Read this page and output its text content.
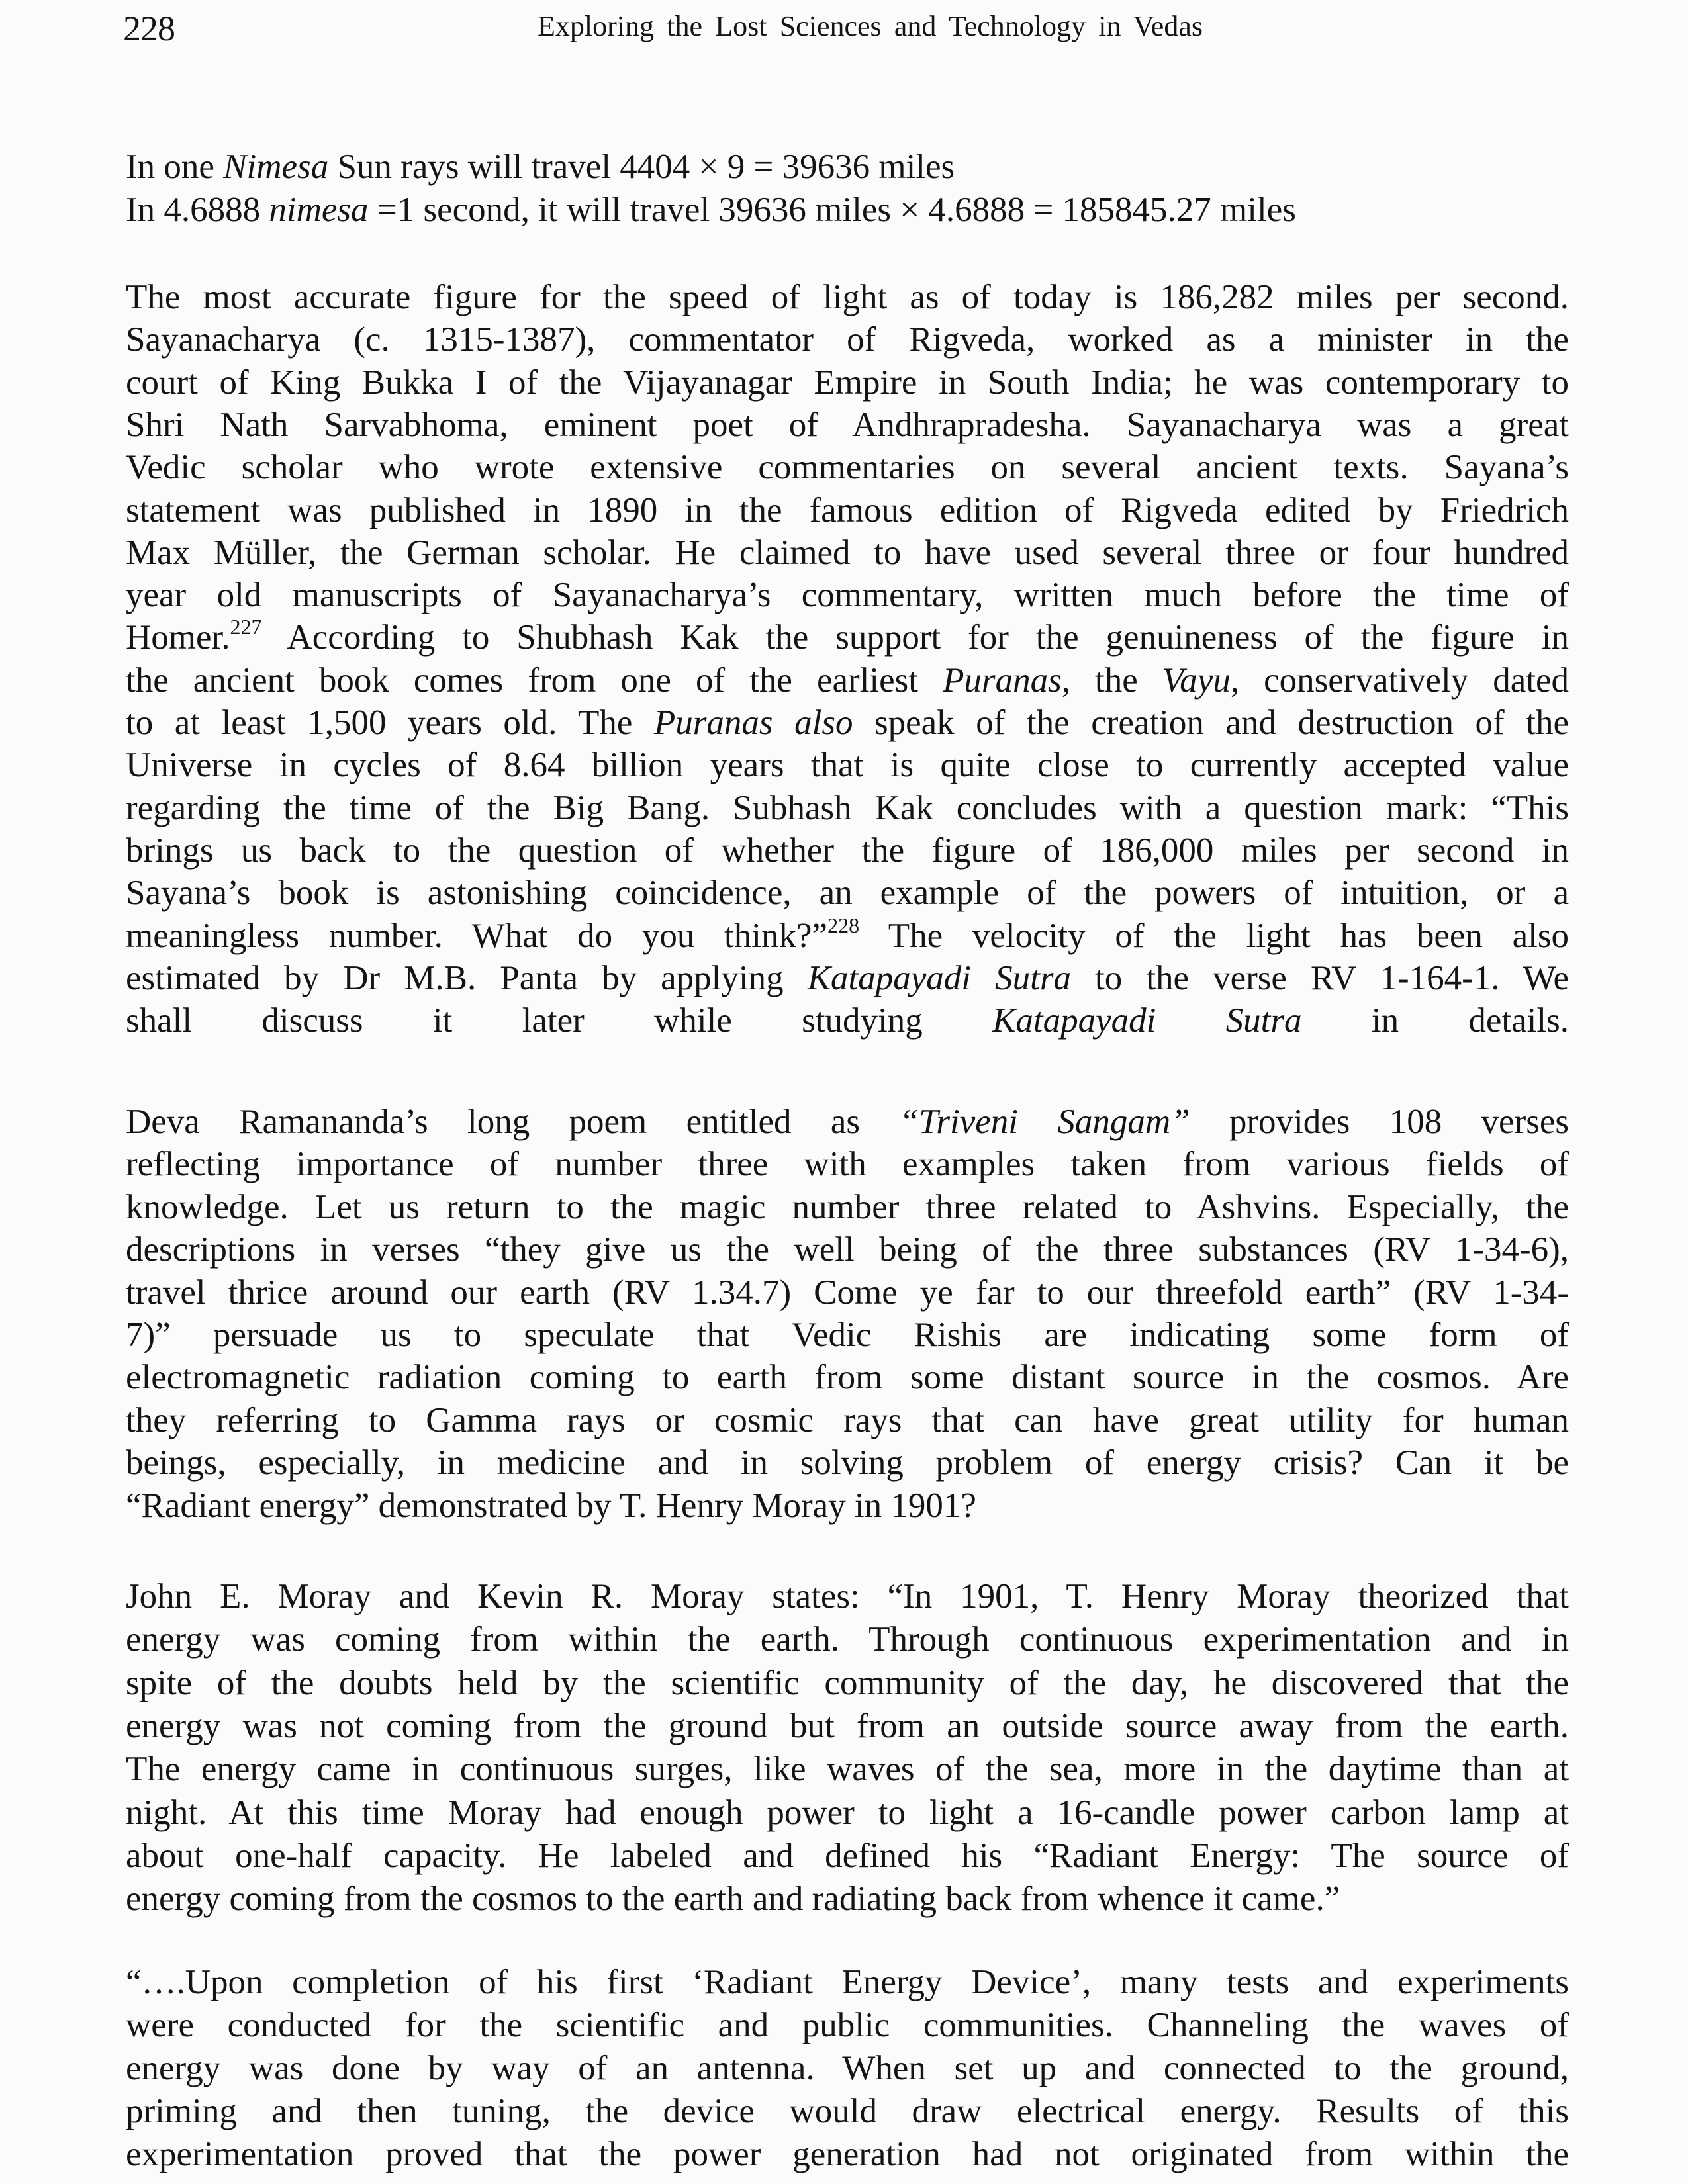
228	Exploring the Lost Sciences and Technology in Vedas
In one Nimesa Sun rays will travel 4404 × 9 = 39636 miles
In 4.6888 nimesa =1 second, it will travel 39636 miles × 4.6888 = 185845.27 miles
The most accurate figure for the speed of light as of today is 186,282 miles per second.
Sayanacharya (c. 1315-1387), commentator of Rigveda, worked as a minister in the
court of King Bukka I of the Vijayanagar Empire in South India; he was contemporary to
Shri Nath Sarvabhoma, eminent poet of Andhrapradesha. Sayanacharya was a great
Vedic scholar who wrote extensive commentaries on several ancient texts. Sayana’s
statement was published in 1890 in the famous edition of Rigveda edited by Friedrich
Max Müller, the German scholar. He claimed to have used several three or four hundred
year old manuscripts of Sayanacharya’s commentary, written much before the time of
Homer.$^{227}$ According to Shubhash Kak the support for the genuineness of the figure in
the ancient book comes from one of the earliest Puranas, the Vayu, conservatively dated
to at least 1,500 years old. The Puranas also speak of the creation and destruction of the
Universe in cycles of 8.64 billion years that is quite close to currently accepted value
regarding the time of the Big Bang. Subhash Kak concludes with a question mark: “This
brings us back to the question of whether the figure of 186,000 miles per second in
Sayana’s book is astonishing coincidence, an example of the powers of intuition, or a
meaningless number. What do you think?”$^{228}$ The velocity of the light has been also
estimated by Dr M.B. Panta by applying Katapayadi Sutra to the verse RV 1-164-1. We
shall discuss it later while studying Katapayadi Sutra in details.
Deva Ramananda’s long poem entitled as “Triveni Sangam” provides 108 verses
reflecting importance of number three with examples taken from various fields of
knowledge. Let us return to the magic number three related to Ashvins. Especially, the
descriptions in verses “they give us the well being of the three substances (RV 1-34-6),
travel thrice around our earth (RV 1.34.7) Come ye far to our threefold earth” (RV 1-34-
7)” persuade us to speculate that Vedic Rishis are indicating some form of
electromagnetic radiation coming to earth from some distant source in the cosmos. Are
they referring to Gamma rays or cosmic rays that can have great utility for human
beings, especially, in medicine and in solving problem of energy crisis? Can it be
“Radiant energy” demonstrated by T. Henry Moray in 1901?
John E. Moray and Kevin R. Moray states: “In 1901, T. Henry Moray theorized that
energy was coming from within the earth. Through continuous experimentation and in
spite of the doubts held by the scientific community of the day, he discovered that the
energy was not coming from the ground but from an outside source away from the earth.
The energy came in continuous surges, like waves of the sea, more in the daytime than at
night. At this time Moray had enough power to light a 16-candle power carbon lamp at
about one-half capacity. He labeled and defined his “Radiant Energy: The source of
energy coming from the cosmos to the earth and radiating back from whence it came.”
“….Upon completion of his first ‘Radiant Energy Device’, many tests and experiments
were conducted for the scientific and public communities. Channeling the waves of
energy was done by way of an antenna. When set up and connected to the ground,
priming and then tuning, the device would draw electrical energy. Results of this
experimentation proved that the power generation had not originated from within the
